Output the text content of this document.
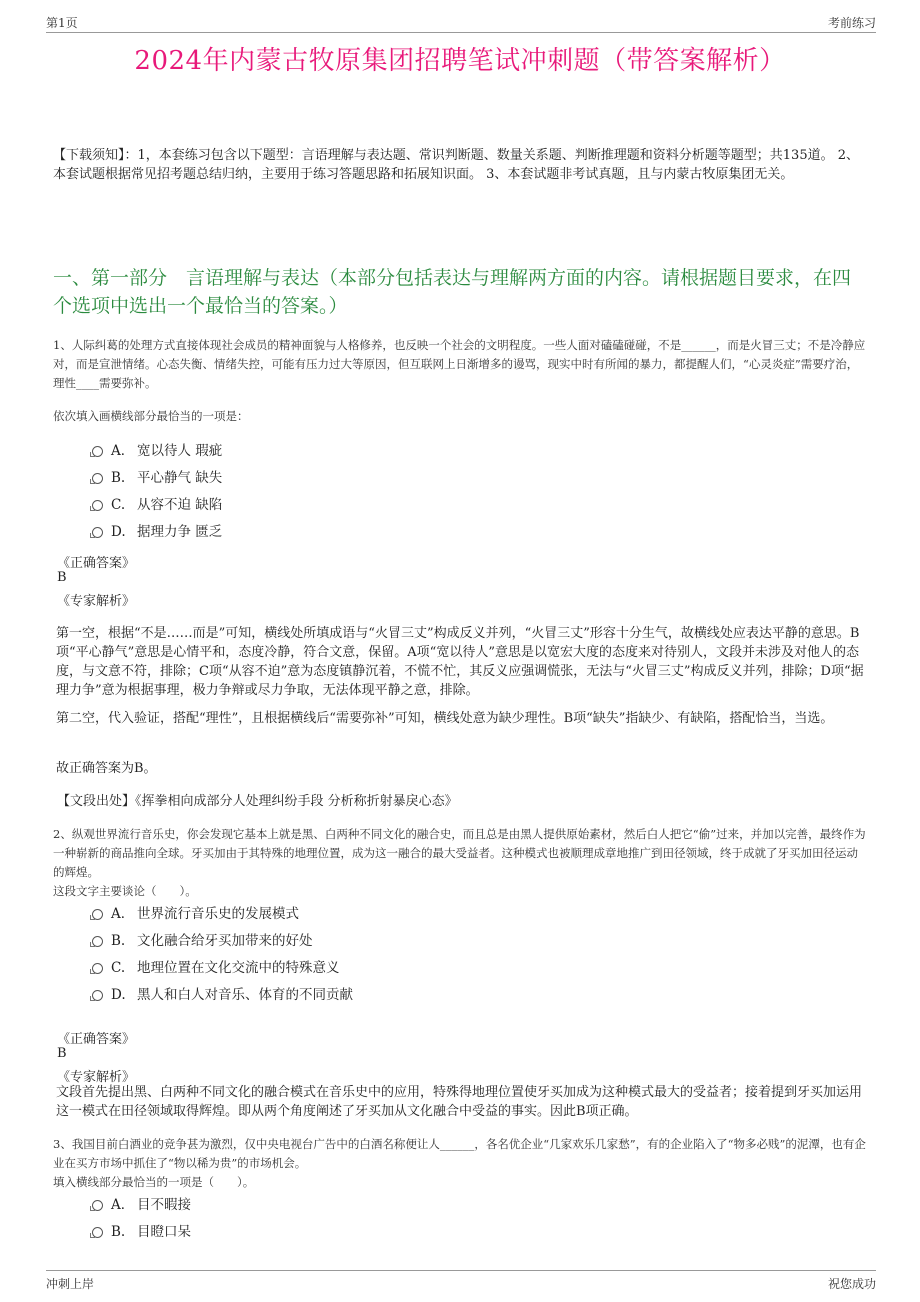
第1页	考前练习
2024年内蒙古牧原集团招聘笔试冲刺题（带答案解析）
【下载须知】：1，本套练习包含以下题型：言语理解与表达题、常识判断题、数量关系题、判断推理题和资料分析题等题型；共135道。 2、本套试题根据常见招考题总结归纳，主要用于练习答题思路和拓展知识面。 3、本套试题非考试真题，且与内蒙古牧原集团无关。
一、第一部分　言语理解与表达（本部分包括表达与理解两方面的内容。请根据题目要求，在四个选项中选出一个最恰当的答案。）
1、人际纠葛的处理方式直接体现社会成员的精神面貌与人格修养，也反映一个社会的文明程度。一些人面对磕磕碰碰，不是______，而是火冒三丈；不是冷静应对，而是宣泄情绪。心态失衡、情绪失控，可能有压力过大等原因，但互联网上日渐增多的谩骂，现实中时有所闻的暴力，都提醒人们，“心灵炎症”需要疗治，理性____需要弥补。
依次填入画横线部分最恰当的一项是：
A． 宽以待人 瑕疵
B. 平心静气 缺失
C. 从容不迫 缺陷
D. 据理力争 匮乏
《正确答案》
B
《专家解析》
第一空，根据“不是……而是”可知，横线处所填成语与“火冒三丈”构成反义并列，“火冒三丈”形容十分生气，故横线处应表达平静的意思。B项“平心静气”意思是心情平和，态度冷静，符合文意，保留。A项“宽以待人”意思是以宽宏大度的态度来对待别人，文段并未涉及对他人的态度，与文意不符，排除；C项“从容不迫”意为态度镇静沉着，不慌不忙，其反义应强调慌张，无法与“火冒三丈”构成反义并列，排除；D项“据理力争”意为根据事理，极力争辩或尽力争取，无法体现平静之意，排除。
第二空，代入验证，搭配“理性”，且根据横线后“需要弥补”可知，横线处意为缺少理性。B项“缺失”指缺少、有缺陷，搭配恰当，当选。
故正确答案为B。
【文段出处】《挥拳相向成部分人处理纠纷手段 分析称折射暴戾心态》
2、纵观世界流行音乐史，你会发现它基本上就是黑、白两种不同文化的融合史，而且总是由黑人提供原始素材，然后白人把它“偷”过来，并加以完善，最终作为一种崭新的商品推向全球。牙买加由于其特殊的地理位置，成为这一融合的最大受益者。这种模式也被顺理成章地推广到田径领域，终于成就了牙买加田径运动的辉煌。
这段文字主要谈论（　　）。
A． 世界流行音乐史的发展模式
B. 文化融合给牙买加带来的好处
C. 地理位置在文化交流中的特殊意义
D. 黑人和白人对音乐、体育的不同贡献
《正确答案》
B
《专家解析》
文段首先提出黑、白两种不同文化的融合模式在音乐史中的应用，特殊得地理位置使牙买加成为这种模式最大的受益者；接着提到牙买加运用这一模式在田径领域取得辉煌。即从两个角度阐述了牙买加从文化融合中受益的事实。因此B项正确。
3、我国目前白酒业的竞争甚为激烈，仅中央电视台广告中的白酒名称便让人______，各名优企业“几家欢乐几家愁”，有的企业陷入了“物多必贱”的泥潭，也有企业在买方市场中抓住了“物以稀为贵”的市场机会。
填入横线部分最恰当的一项是（　　）。
A． 目不暇接
B. 目瞪口呆
冲刺上岸	祝您成功
